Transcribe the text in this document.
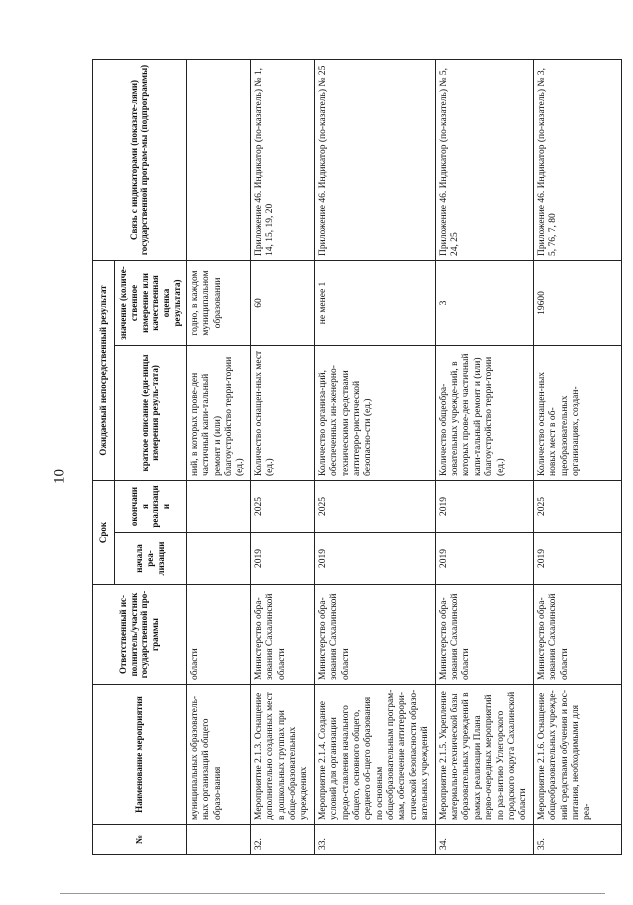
10
№	Наименование мероприятия	Ответственный ис-полнитель/участник государственной про-граммы	Срок		Ожидаемый непосредственный результат		Связь с индикаторами (показате-лями) государственной програм-мы (подпрограммы)
			начала реа-лизации	окончания реализации	краткое описание (еди-ницы измерения резуль-тата)	значение (количе-ственное измерение или качественная оценка результата)	
	муниципальных образователь-ных организаций общего образо-вания	области			ний, в которых прове-ден частичный капи-тальный ремонт и (или) благоустройство терри-тории (ед.)	годно, в каждом муниципальном образовании	
32.	Мероприятие 2.1.3. Оснащение дополнительно созданных мест в дошкольных группах при обще-образовательных учреждениях	Министерство обра-зования Сахалинской области	2019	2025	Количество оснащен-ных мест (ед.)	60	Приложение 46. Индикатор (по-казатель) № 1, 14, 15, 19, 20
33.	Мероприятие 2.1.4. Создание условий для организации предо-ставления начального общего, основного общего, среднего об-щего образования по основным общеобразовательным програм-мам, обеспечение антитеррори-стической безопасности образо-вательных учреждений	Министерство обра-зования Сахалинской области	2019	2025	Количество организа-ций, обеспеченных ин-женерно-техническими средствами антитерро-ристической безопасно-сти (ед.)	не менее 1	Приложение 46. Индикатор (по-казатель) № 25
34.	Мероприятие 2.1.5. Укрепление материально-технической базы образовательных учреждений в рамках реализации Плана перво-очередных мероприятий по раз-витию Углегорского городского округа Сахалинской области	Министерство обра-зования Сахалинской области	2019	2019	Количество общеобра-зовательных учрежде-ний, в которых прове-ден частичный капи-тальный ремонт и (или) благоустройство терри-тории (ед.)	3	Приложение 46. Индикатор (по-казатель) № 5, 24, 25
35.	Мероприятие 2.1.6. Оснащение общеобразовательных учрежде-ний средствами обучения и вос-питания, необходимыми для реа-	Министерство обра-зования Сахалинской области	2019	2025	Количество оснащен-ных новых мест в об-щеобразовательных организациях, создан-	19600	Приложение 46. Индикатор (по-казатель) № 3, 5, 76, 7, 80
